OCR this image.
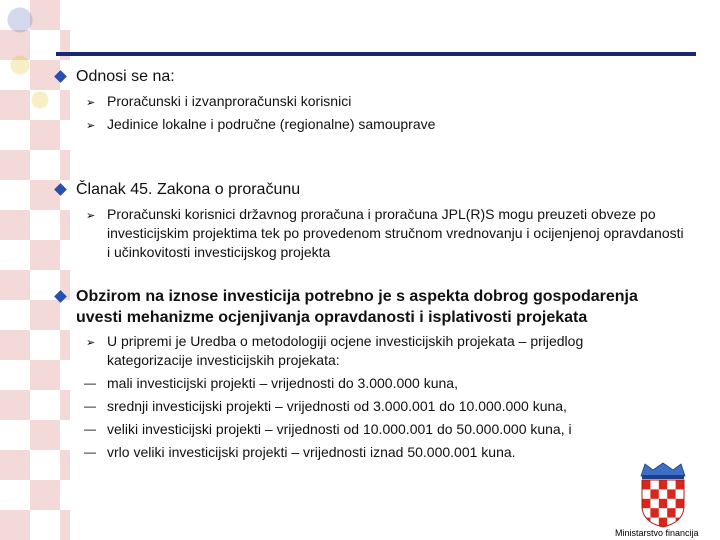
Odnosi se na:
➢ Proračunski i izvanproračunski korisnici
➢ Jedinice lokalne i područne (regionalne) samouprave
Članak 45. Zakona o proračunu
➢ Proračunski korisnici državnog proračuna i proračuna JPL(R)S mogu preuzeti obveze po investicijskim projektima tek po provedenom stručnom vrednovanju i ocijenjenoj opravdanosti i učinkovitosti investicijskog projekta
Obzirom na iznose investicija potrebno je s aspekta dobrog gospodarenja uvesti mehanizme ocjenjivanja opravdanosti i isplativosti projekata
➢ U pripremi je Uredba o metodologiji ocjene investicijskih projekata – prijedlog kategorizacije investicijskih projekata:
— mali investicijski projekti – vrijednosti do 3.000.000 kuna,
— srednji investicijski projekti – vrijednosti od 3.000.001 do 10.000.000 kuna,
— veliki investicijski projekti – vrijednosti od 10.000.001 do 50.000.000 kuna, i
— vrlo veliki investicijski projekti – vrijednosti iznad 50.000.001 kuna.
Ministarstvo financija
